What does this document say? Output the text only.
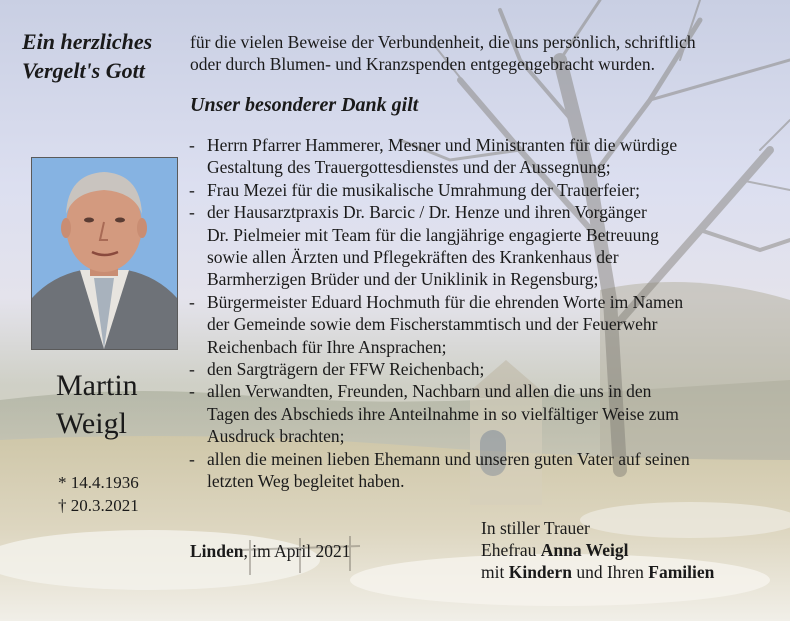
Ein herzliches
Vergelt's Gott
für die vielen Beweise der Verbundenheit, die uns persönlich, schriftlich
oder durch Blumen- und Kranzspenden entgegengebracht wurden.
Unser besonderer Dank gilt
- Herrn Pfarrer Hammerer, Mesner und Ministranten für die würdige
Gestaltung des Trauergottesdienstes und der Aussegnung;
- Frau Mezei für die musikalische Umrahmung der Trauerfeier;
- der Hausarztpraxis Dr. Barcic / Dr. Henze und ihren Vorgänger
Dr. Pielmeier mit Team für die langjährige engagierte Betreuung
sowie allen Ärzten und Pflegekräften des Krankenhaus der
Barmherzigen Brüder und der Uniklinik in Regensburg;
- Bürgermeister Eduard Hochmuth für die ehrenden Worte im Namen
der Gemeinde sowie dem Fischerstammtisch und der Feuerwehr
Reichenbach für Ihre Ansprachen;
- den Sargträgern der FFW Reichenbach;
- allen Verwandten, Freunden, Nachbarn und allen die uns in den
Tagen des Abschieds ihre Anteilnahme in so vielfältiger Weise zum
Ausdruck brachten;
- allen die meinen lieben Ehemann und unseren guten Vater auf seinen
letzten Weg begleitet haben.
Martin
Weigl
* 14.4.1936
† 20.3.2021
Linden, im April 2021
In stiller Trauer
Ehefrau Anna Weigl
mit Kindern und Ihren Familien
